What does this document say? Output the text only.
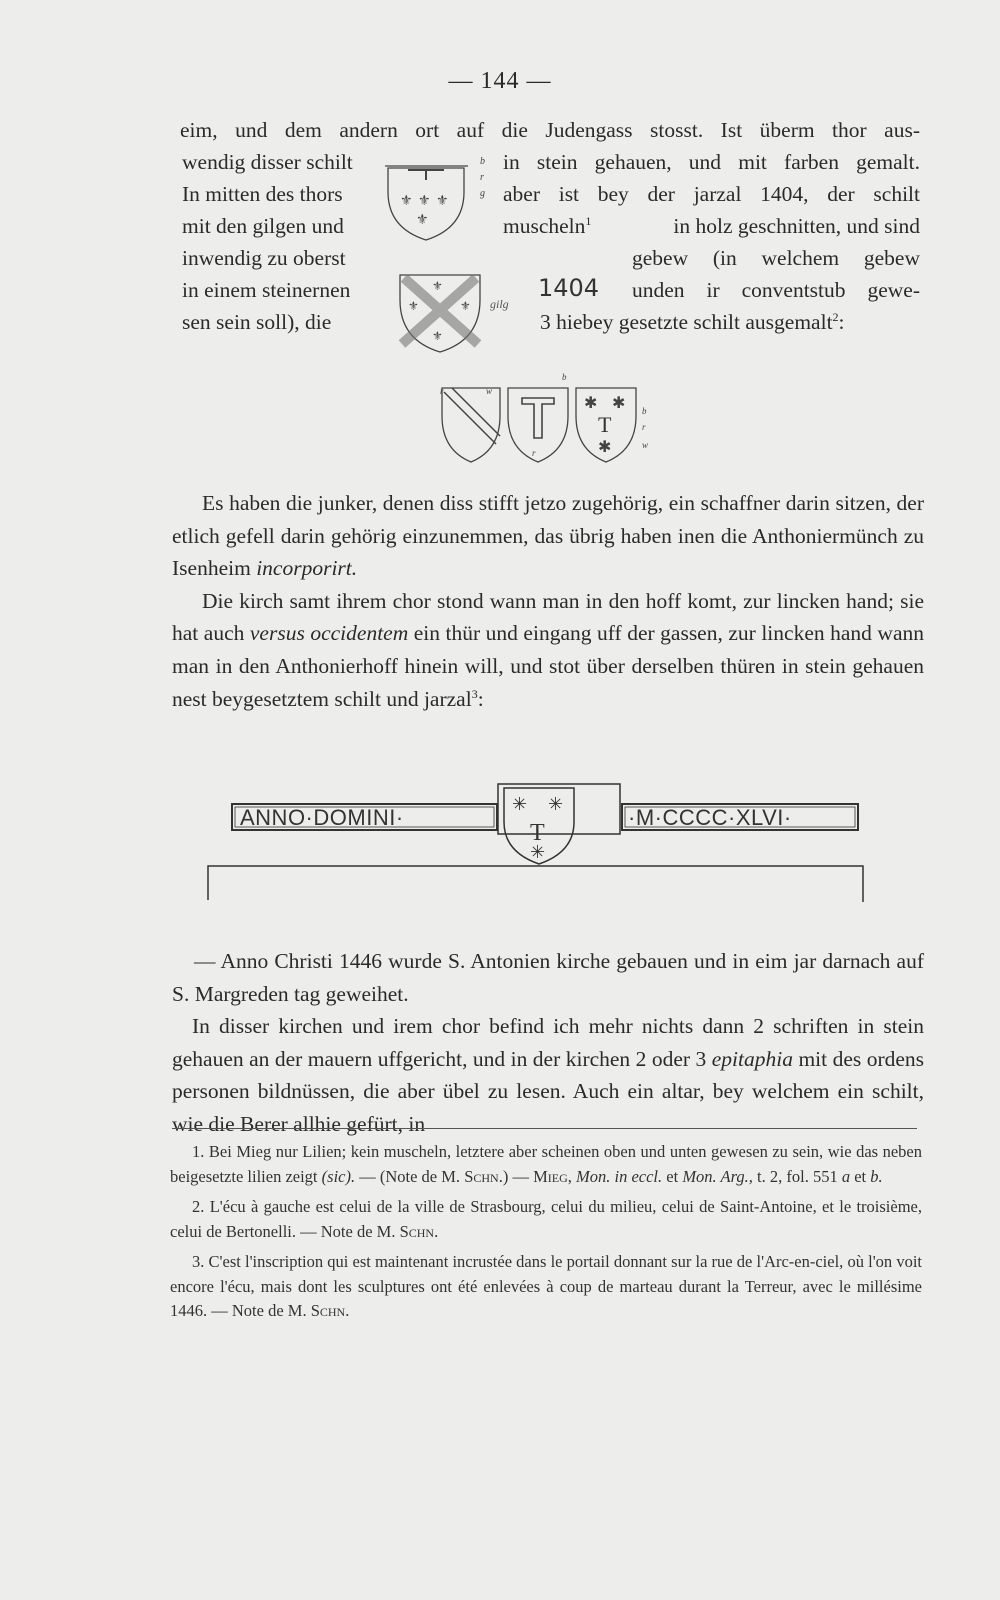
— 144 —
eim, und dem andern ort auf die Judengass stosst. Ist überm thor aus-
wendig disser schilt
In mitten des thors
mit den gilgen und
inwendig zu oberst
in einem steinernen
sen sein soll), die
in stein gehauen, und mit farben gemalt.
aber ist bey der jarzal 1404, der schilt
muscheln$^1$	in holz geschnitten, und sind
gebew (in welchem gebew
unden ir conventstub gewe-
3 hiebey gesetzte schilt ausgemalt$^2$:
⚜ ⚜ ⚜
⚜
b
r
g
⚜	⚜
⚜
⚜
gilg
1404
r	w
r
b
✱ ✱
✱
T
b
r
w

Es haben die junker, denen diss stifft jetzo zugehörig, ein schaffner darin sitzen, der etlich gefell darin gehörig einzunemmen, das übrig haben inen die Anthoniermünch zu Isenheim incorporirt.

Die kirch samt ihrem chor stond wann man in den hoff komt, zur lincken hand; sie hat auch versus occidentem ein thür und eingang uff der gassen, zur lincken hand wann man in den Anthonierhoff hinein will, und stot über derselben thüren in stein gehauen nest beygesetztem schilt und jarzal$^3$:

ANNO·DOMINI·	·M·CCCC·XLVI·
✳ ✳
✳
T

— Anno Christi 1446 wurde S. Antonien kirche gebauen und in eim jar darnach auf S. Margreden tag geweihet.

In disser kirchen und irem chor befind ich mehr nichts dann 2 schriften in stein gehauen an der mauern uffgericht, und in der kirchen 2 oder 3 epitaphia mit des ordens personen bildnüssen, die aber übel zu lesen. Auch ein altar, bey welchem ein schilt, wie die Berer allhie gefürt, in

1. Bei Mieg nur Lilien; kein muscheln, letztere aber scheinen oben und unten gewesen zu sein, wie das neben beigesetzte lilien zeigt (sic). — (Note de M. Schn.) — Mieg, Mon. in eccl. et Mon. Arg., t. 2, fol. 551 a et b.

2. L'écu à gauche est celui de la ville de Strasbourg, celui du milieu, celui de Saint-Antoine, et le troisième, celui de Bertonelli. — Note de M. Schn.

3. C'est l'inscription qui est maintenant incrustée dans le portail donnant sur la rue de l'Arc-en-ciel, où l'on voit encore l'écu, mais dont les sculptures ont été enlevées à coup de marteau durant la Terreur, avec le millésime 1446. — Note de M. Schn.
